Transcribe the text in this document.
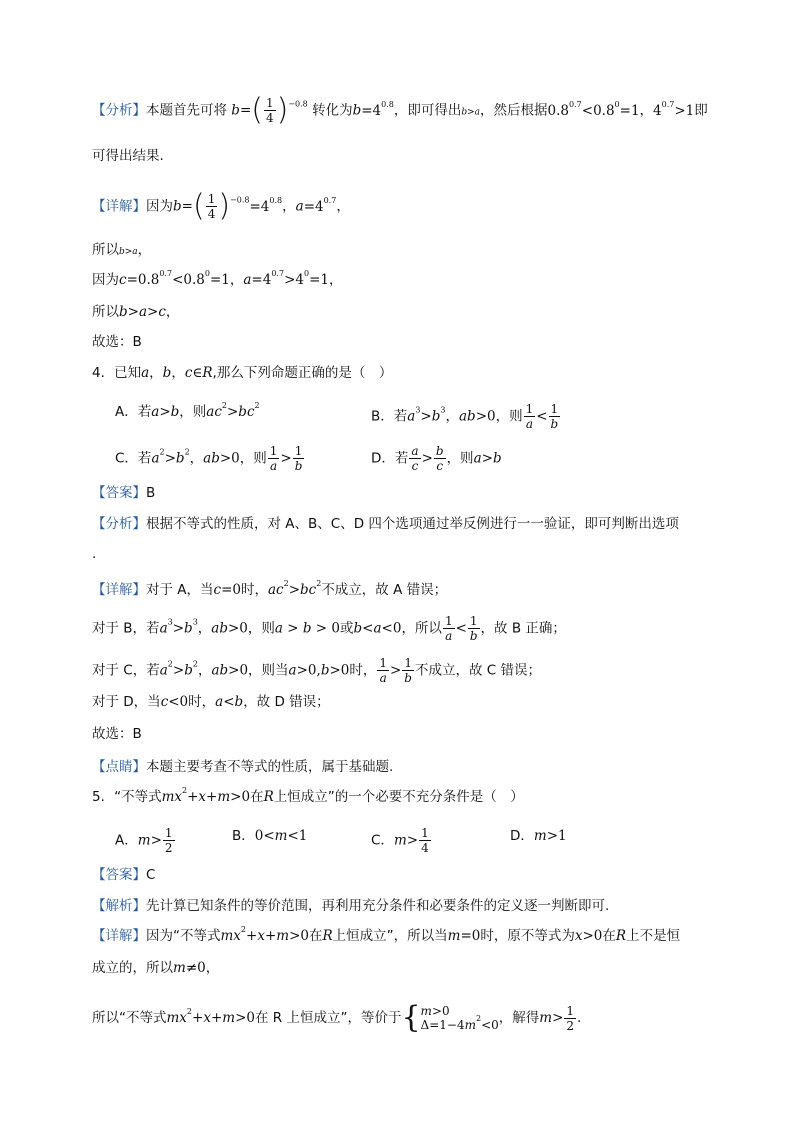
【分析】本题首先可将 $b=( \frac{1}{4} )^{-0.8}$ 转化为$b=4^{0.8}$，即可得出b>a，然后根据$0.8^{0.7}<0.8^0=1$，$4^{0.7}>1$即
可得出结果.
【详解】因为$b=( \frac{1}{4} )^{-0.8}=4^{0.8}$，$a=4^{0.7}$，
所以b>a，
因为$c=0.8^{0.7}<0.8^0=1$，$a=4^{0.7}>4^0=1$，
所以b>a>c，
故选：B
4．已知a，b，c∈R,那么下列命题正确的是（　）
A．若a>b，则$ac^2>bc^2$
B．若$a^3>b^3$，ab>0，则 $\frac{1}{a} < \frac{1}{b}$
C．若$a^2>b^2$，ab>0，则 $\frac{1}{a} > \frac{1}{b}$	D．若 $\frac{a}{c} > \frac{b}{c}$ ，则a>b
【答案】B
【分析】根据不等式的性质，对 A、B、C、D 四个选项通过举反例进行一一验证，即可判断出选项
.
【详解】对于 A，当c=0时，$ac^2>bc^2$不成立，故 A 错误；
对于 B，若$a^3>b^3$，ab>0，则a > b > 0或b<a<0，所以 $\frac{1}{a} < \frac{1}{b}$ ，故 B 正确；
对于 C，若$a^2>b^2$，ab>0，则当a>0,b>0时， $\frac{1}{a} > \frac{1}{b}$ 不成立，故 C 错误；
对于 D，当c<0时，a<b，故 D 错误；
故选：B
【点睛】本题主要考查不等式的性质，属于基础题.
5．“不等式$mx^2+x+m>0$在R上恒成立”的一个必要不充分条件是（　）
A．$m> \frac{1}{2}$	B．0<m<1	C．$m> \frac{1}{4}$	D．m>1
【答案】C
【解析】先计算已知条件的等价范围，再利用充分条件和必要条件的定义逐一判断即可.
【详解】因为“不等式$mx^2+x+m>0$在R上恒成立”，所以当m=0时，原不等式为x>0在R上不是恒
成立的，所以m≠0，
所以“不等式$mx^2+x+m>0$在 R 上恒成立”，等价于{ m>0
$\Delta=1-4m^2<0$ ，解得$m> \frac{1}{2}$ .
